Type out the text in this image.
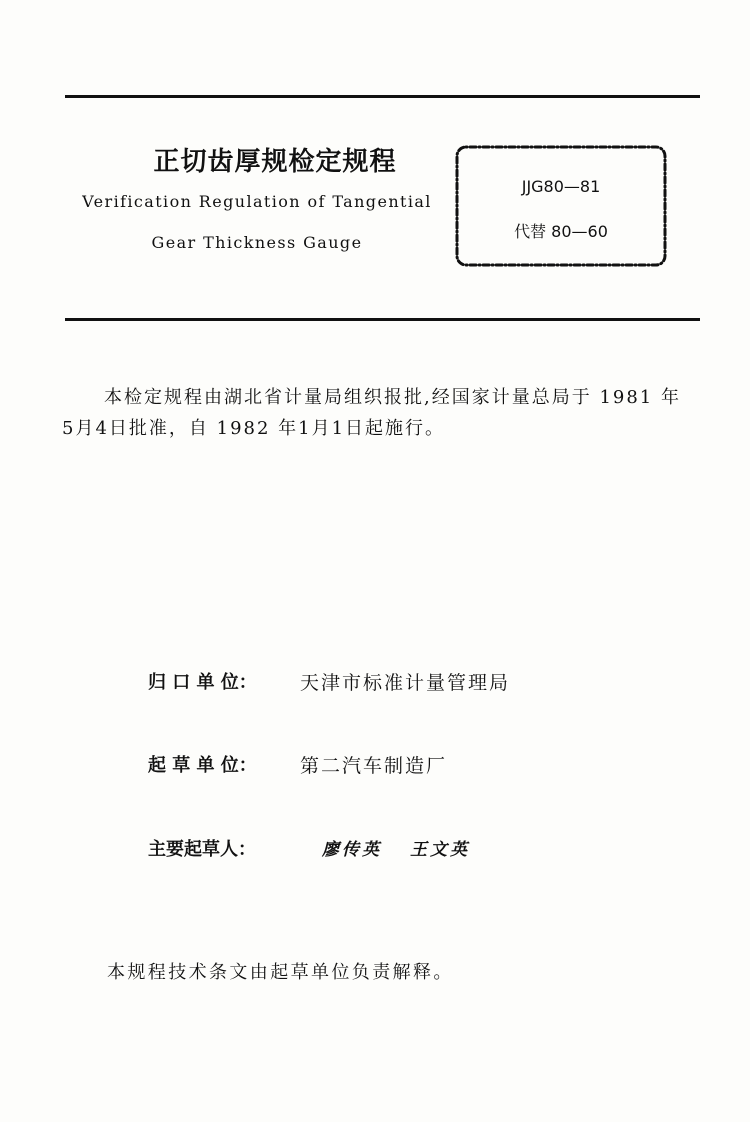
正切齿厚规检定规程
Verification Regulation of Tangential
Gear Thickness Gauge
JJG80—81
代替 80—60
本检定规程由湖北省计量局组织报批,经国家计量总局于 1981 年
5月4日批准，自 1982 年1月1日起施行。
归 口 单 位： 天津市标准计量管理局
起 草 单 位： 第二汽车制造厂
主要起草人：	廖传英 王文英
本规程技术条文由起草单位负责解释。
